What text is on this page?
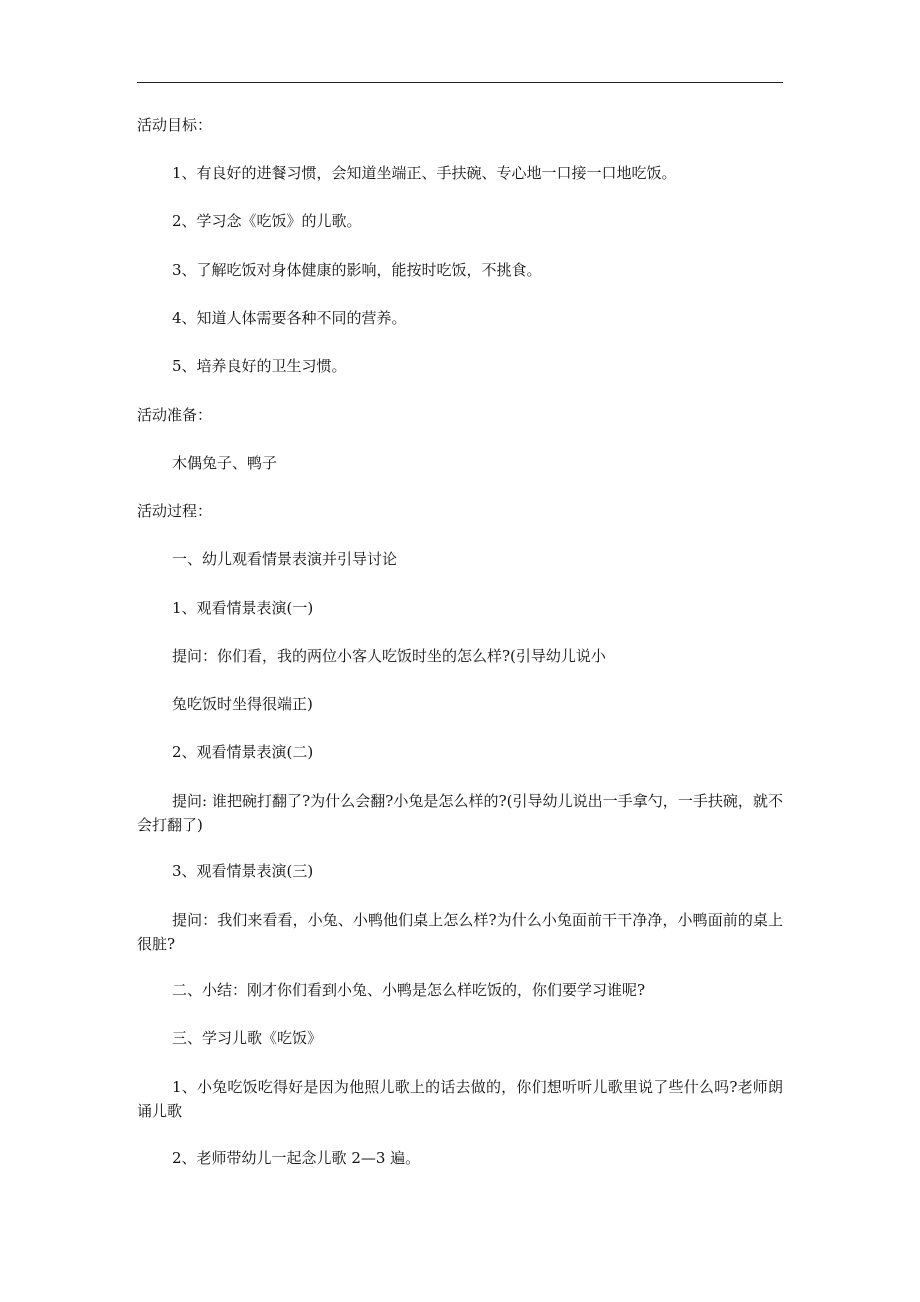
活动目标：
1、有良好的进餐习惯，会知道坐端正、手扶碗、专心地一口接一口地吃饭。
2、学习念《吃饭》的儿歌。
3、了解吃饭对身体健康的影响，能按时吃饭，不挑食。
4、知道人体需要各种不同的营养。
5、培养良好的卫生习惯。
活动准备：
木偶兔子、鸭子
活动过程：
一、幼儿观看情景表演并引导讨论
1、观看情景表演(一)
提问：你们看，我的两位小客人吃饭时坐的怎么样?(引导幼儿说小
兔吃饭时坐得很端正)
2、观看情景表演(二)
提问: 谁把碗打翻了?为什么会翻?小兔是怎么样的?(引导幼儿说出一手拿勺，一手扶碗，就不会打翻了)
3、观看情景表演(三)
提问：我们来看看，小兔、小鸭他们桌上怎么样?为什么小兔面前干干净净，小鸭面前的桌上很脏?
二、小结：刚才你们看到小兔、小鸭是怎么样吃饭的，你们要学习谁呢?
三、学习儿歌《吃饭》
1、小兔吃饭吃得好是因为他照儿歌上的话去做的，你们想听听儿歌里说了些什么吗?老师朗诵儿歌
2、老师带幼儿一起念儿歌 2—3 遍。
